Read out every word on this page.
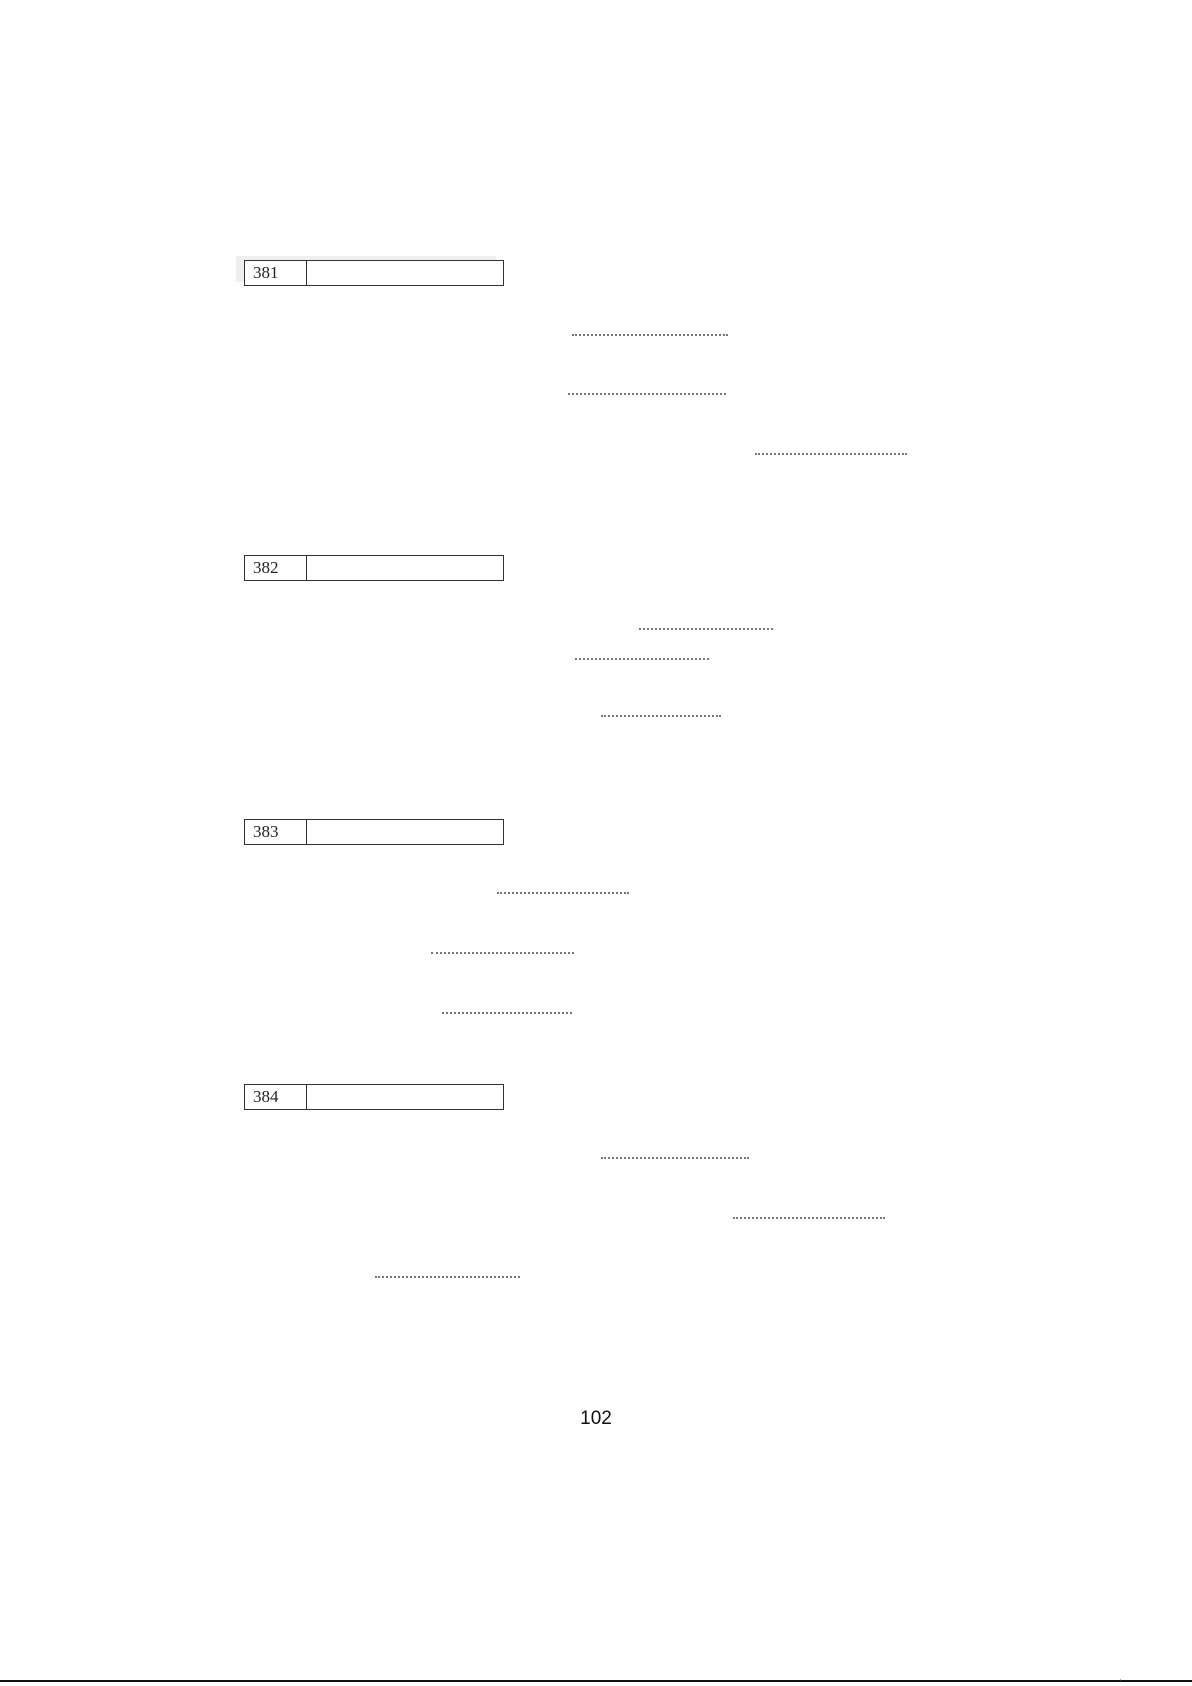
381
382
383
384
102
·
